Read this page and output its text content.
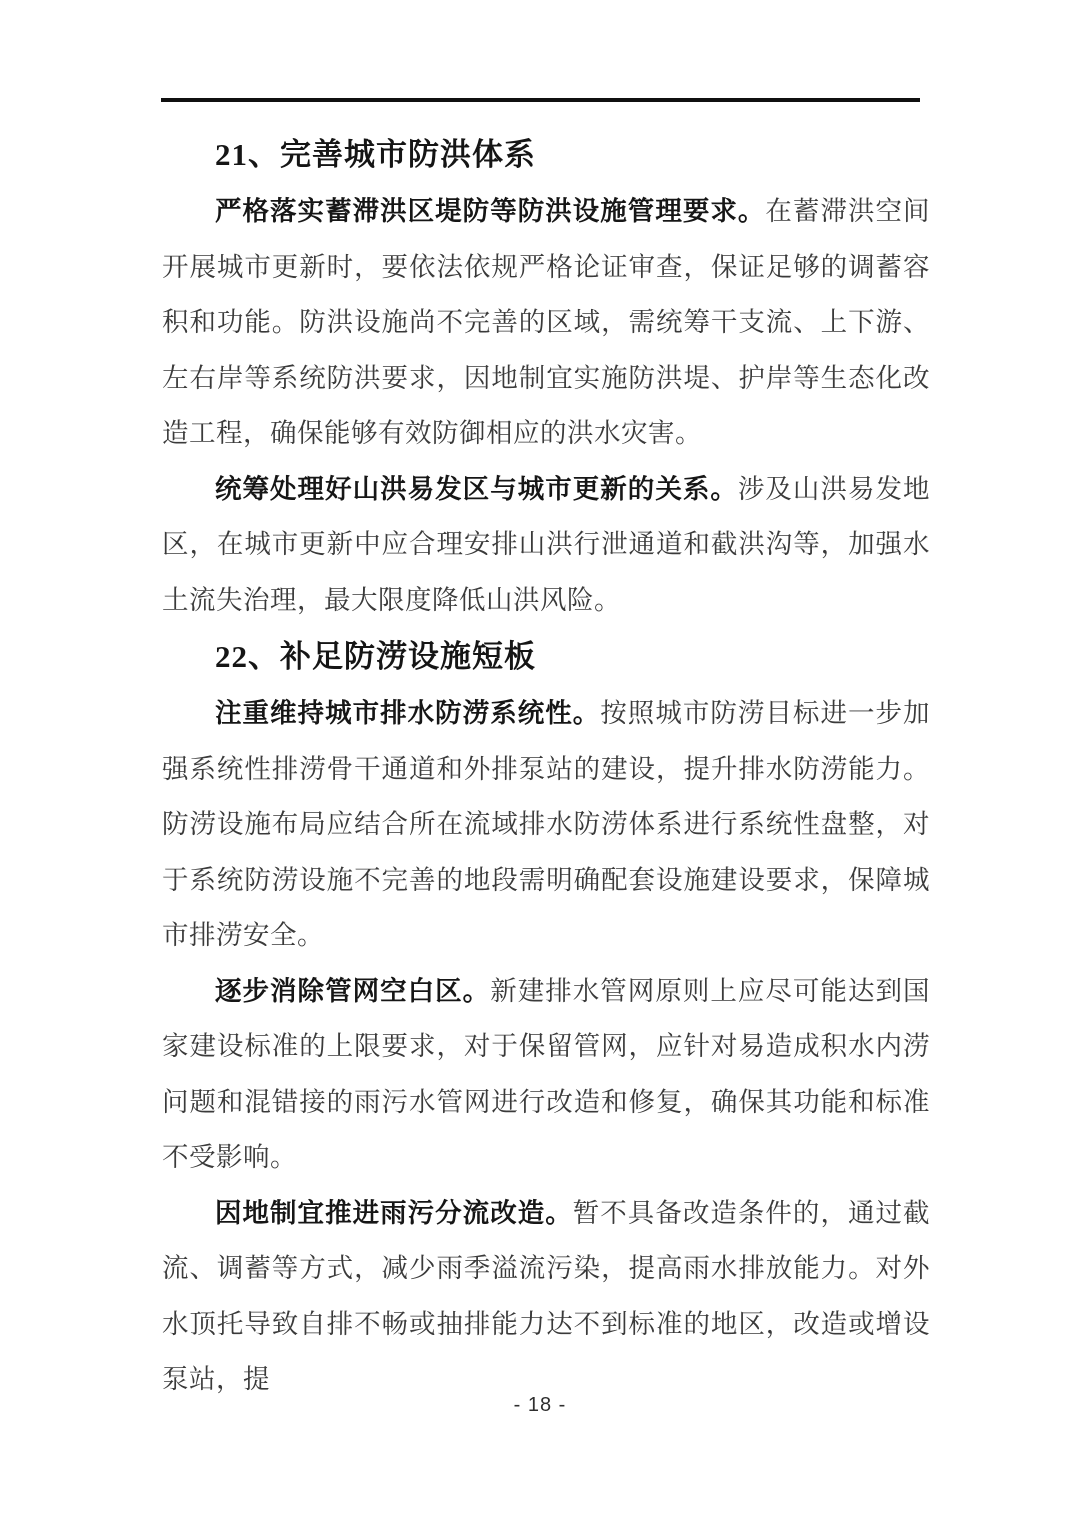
21、完善城市防洪体系

严格落实蓄滞洪区堤防等防洪设施管理要求。在蓄滞洪空间开展城市更新时，要依法依规严格论证审查，保证足够的调蓄容积和功能。防洪设施尚不完善的区域，需统筹干支流、上下游、左右岸等系统防洪要求，因地制宜实施防洪堤、护岸等生态化改造工程，确保能够有效防御相应的洪水灾害。

统筹处理好山洪易发区与城市更新的关系。涉及山洪易发地区，在城市更新中应合理安排山洪行泄通道和截洪沟等，加强水土流失治理，最大限度降低山洪风险。

22、补足防涝设施短板

注重维持城市排水防涝系统性。按照城市防涝目标进一步加强系统性排涝骨干通道和外排泵站的建设，提升排水防涝能力。防涝设施布局应结合所在流域排水防涝体系进行系统性盘整，对于系统防涝设施不完善的地段需明确配套设施建设要求，保障城市排涝安全。

逐步消除管网空白区。新建排水管网原则上应尽可能达到国家建设标准的上限要求，对于保留管网，应针对易造成积水内涝问题和混错接的雨污水管网进行改造和修复，确保其功能和标准不受影响。

因地制宜推进雨污分流改造。暂不具备改造条件的，通过截流、调蓄等方式，减少雨季溢流污染，提高雨水排放能力。对外水顶托导致自排不畅或抽排能力达不到标准的地区，改造或增设泵站，提

- 18 -
